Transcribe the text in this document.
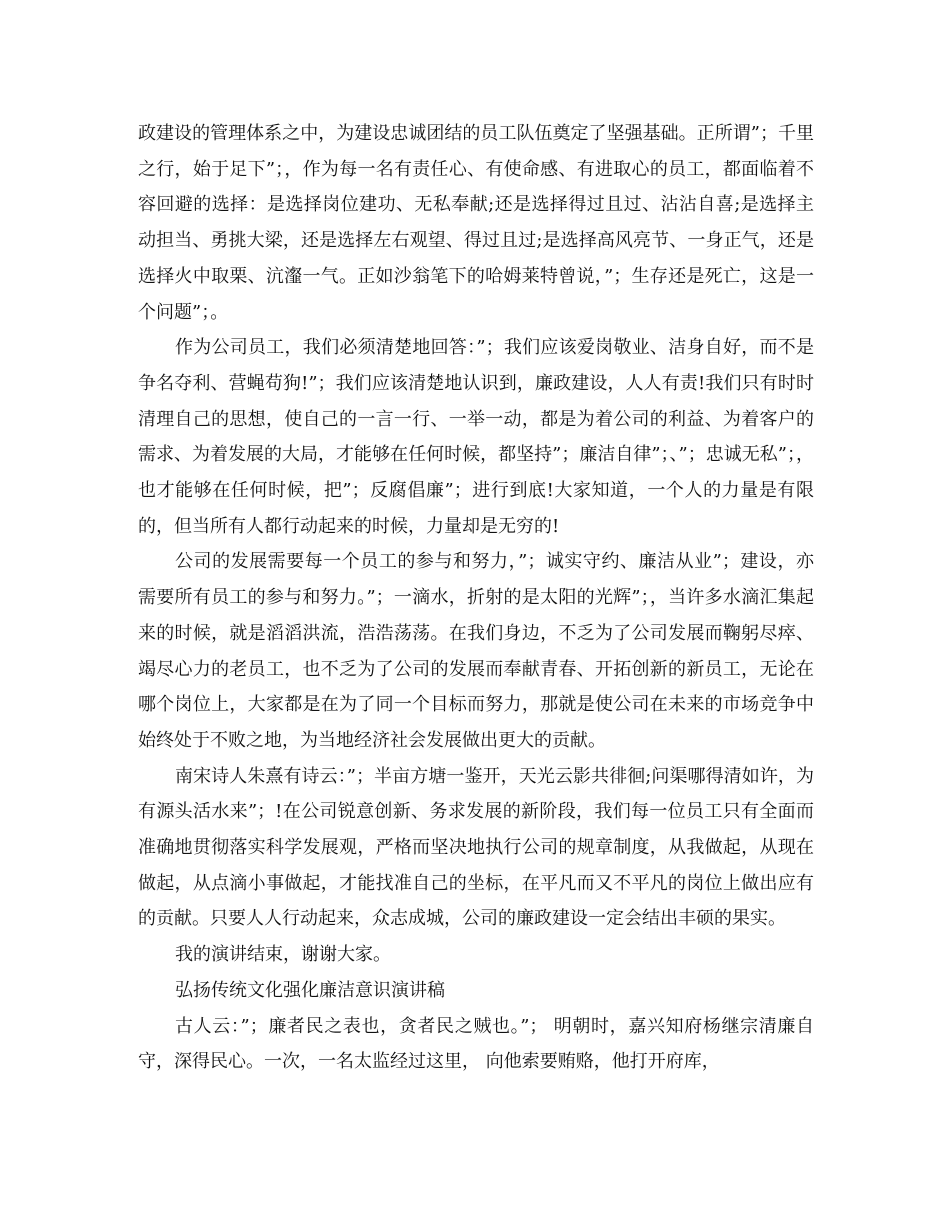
政建设的管理体系之中，为建设忠诚团结的员工队伍奠定了坚强基础。正所谓”；千里之行，始于足下”；，作为每一名有责任心、有使命感、有进取心的员工，都面临着不容回避的选择：是选择岗位建功、无私奉献;还是选择得过且过、沾沾自喜;是选择主动担当、勇挑大梁，还是选择左右观望、得过且过;是选择高风亮节、一身正气，还是选择火中取栗、沆瀣一气。正如沙翁笔下的哈姆莱特曾说，”；生存还是死亡，这是一个问题”；。

作为公司员工，我们必须清楚地回答：”；我们应该爱岗敬业、洁身自好，而不是争名夺利、营蝇苟狗!”；我们应该清楚地认识到，廉政建设，人人有责!我们只有时时清理自己的思想，使自己的一言一行、一举一动，都是为着公司的利益、为着客户的需求、为着发展的大局，才能够在任何时候，都坚持”；廉洁自律”；、”；忠诚无私”；，也才能够在任何时候，把”；反腐倡廉”；进行到底!大家知道，一个人的力量是有限的，但当所有人都行动起来的时候，力量却是无穷的!

公司的发展需要每一个员工的参与和努力，”；诚实守约、廉洁从业”；建设，亦需要所有员工的参与和努力。”；一滴水，折射的是太阳的光辉”；，当许多水滴汇集起来的时候，就是滔滔洪流，浩浩荡荡。在我们身边，不乏为了公司发展而鞠躬尽瘁、竭尽心力的老员工，也不乏为了公司的发展而奉献青春、开拓创新的新员工，无论在哪个岗位上，大家都是在为了同一个目标而努力，那就是使公司在未来的市场竞争中始终处于不败之地，为当地经济社会发展做出更大的贡献。

南宋诗人朱熹有诗云：”；半亩方塘一鉴开，天光云影共徘徊;问渠哪得清如许，为有源头活水来”；!在公司锐意创新、务求发展的新阶段，我们每一位员工只有全面而准确地贯彻落实科学发展观，严格而坚决地执行公司的规章制度，从我做起，从现在做起，从点滴小事做起，才能找准自己的坐标，在平凡而又不平凡的岗位上做出应有的贡献。只要人人行动起来，众志成城，公司的廉政建设一定会结出丰硕的果实。

我的演讲结束，谢谢大家。

弘扬传统文化强化廉洁意识演讲稿

古人云：”；廉者民之表也，贪者民之贼也。”； 明朝时，嘉兴知府杨继宗清廉自守，深得民心。一次，一名太监经过这里， 向他索要贿赂，他打开府库，
